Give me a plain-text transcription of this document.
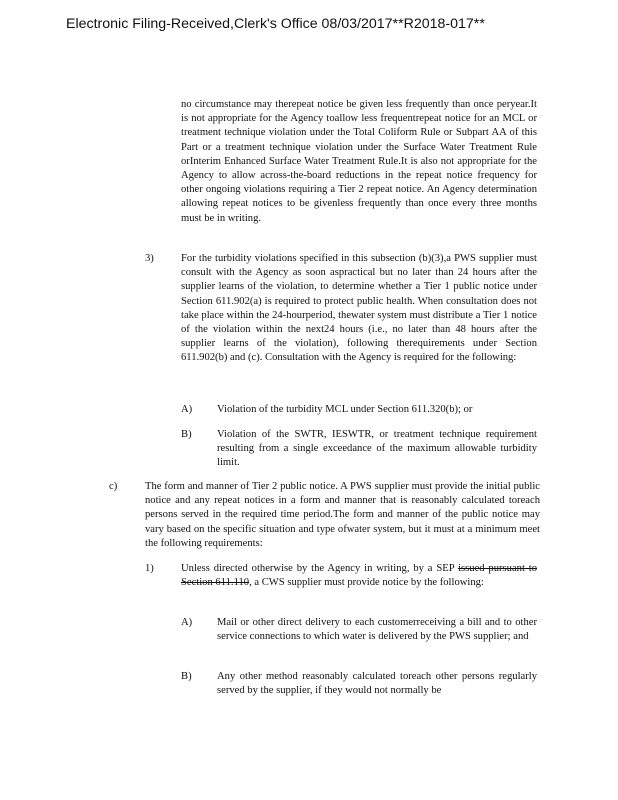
Electronic Filing-Received,Clerk's Office 08/03/2017**R2018-017**
no circumstance may therepeat notice be given less frequently than once peryear.It is not appropriate for the Agency toallow less frequentrepeat notice for an MCL or treatment technique violation under the Total Coliform Rule or Subpart AA of this Part or a treatment technique violation under the Surface Water Treatment Rule orInterim Enhanced Surface Water Treatment Rule.It is also not appropriate for the Agency to allow across-the-board reductions in the repeat notice frequency for other ongoing violations requiring a Tier 2 repeat notice. An Agency determination allowing repeat notices to be givenless frequently than once every three months must be in writing.
3)	For the turbidity violations specified in this subsection (b)(3),a PWS supplier must consult with the Agency as soon aspractical but no later than 24 hours after the supplier learns of the violation, to determine whether a Tier 1 public notice under Section 611.902(a) is required to protect public health. When consultation does not take place within the 24-hourperiod, thewater system must distribute a Tier 1 notice of the violation within the next24 hours (i.e., no later than 48 hours after the supplier learns of the violation), following therequirements under Section 611.902(b) and (c). Consultation with the Agency is required for the following:
A) Violation of the turbidity MCL under Section 611.320(b); or
B) Violation of the SWTR, IESWTR, or treatment technique requirement resulting from a single exceedance of the maximum allowable turbidity limit.
c)	The form and manner of Tier 2 public notice. A PWS supplier must provide the initial public notice and any repeat notices in a form and manner that is reasonably calculated toreach persons served in the required time period.The form and manner of the public notice may vary based on the specific situation and type ofwater system, but it must at a minimum meet the following requirements:
1)	Unless directed otherwise by the Agency in writing, by a SEP issued pursuant to Section 611.110, a CWS supplier must provide notice by the following:
A) Mail or other direct delivery to each customerreceiving a bill and to other service connections to which water is delivered by the PWS supplier; and
B) Any other method reasonably calculated toreach other persons regularly served by the supplier, if they would not normally be
